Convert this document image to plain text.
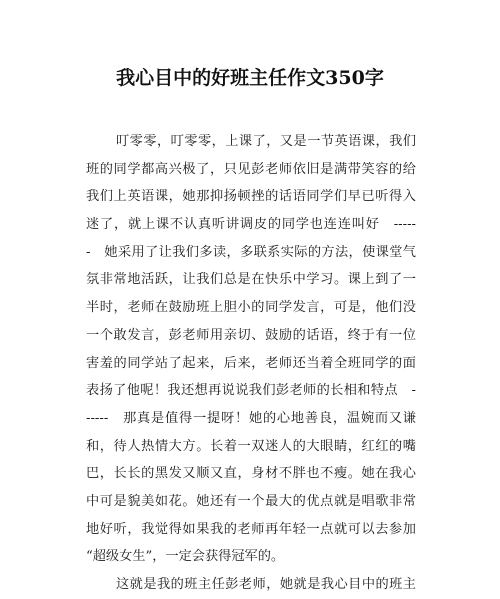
我心目中的好班主任作文350字
叮零零，叮零零，上课了，又是一节英语课，我们
班的同学都高兴极了，只见彭老师依旧是满带笑容的给
我们上英语课，她那抑扬顿挫的话语同学们早已听得入
迷了，就上课不认真听讲调皮的同学也连连叫好　-----
-　她采用了让我们多读，多联系实际的方法，使课堂气
氛非常地活跃，让我们总是在快乐中学习。课上到了一
半时，老师在鼓励班上胆小的同学发言，可是，他们没
一个敢发言，彭老师用亲切、鼓励的话语，终于有一位
害羞的同学站了起来，后来，老师还当着全班同学的面
表扬了他呢！我还想再说说我们彭老师的长相和特点　-
-----　那真是值得一提呀！她的心地善良，温婉而又谦
和，待人热情大方。长着一双迷人的大眼睛，红红的嘴
巴，长长的黑发又顺又直，身材不胖也不瘦。她在我心
中可是貌美如花。她还有一个最大的优点就是唱歌非常
地好听，我觉得如果我的老师再年轻一点就可以去参加
“超级女生”，一定会获得冠军的。
这就是我的班主任彭老师，她就是我心目中的班主
